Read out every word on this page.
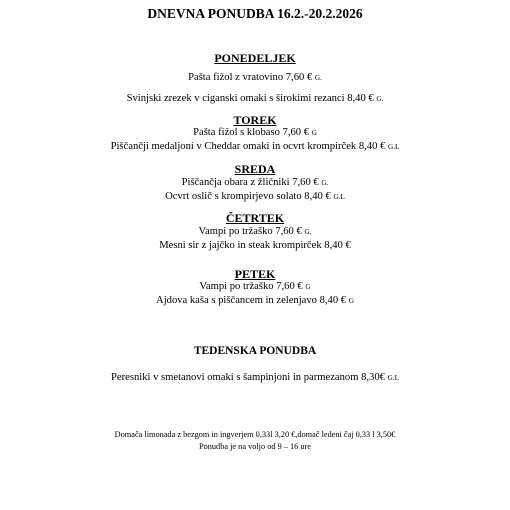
DNEVNA PONUDBA 16.2.-20.2.2026
PONEDELJEK
Pašta fižol z vratovino 7,60 € G.
Svinjski zrezek v ciganski omaki s širokimi rezanci 8,40 € G.
TOREK
Pašta fižol s klobaso 7,60 € G
Piščančji medaljoni v Cheddar omaki in ocvrt krompirček 8,40 € G.L
SREDA
Piščančja obara z žličniki 7,60 € G.
Ocvrt oslič s krompirjevo solato 8,40 € G.L
ČETRTEK
Vampi po tržaško 7,60 € G.
Mesni sir z jajčko in steak krompirček 8,40 €
PETEK
Vampi po tržaško 7,60 € G
Ajdova kaša s piščancem in zelenjavo 8,40 € G
TEDENSKA PONUDBA
Peresniki v smetanovi omaki s šampinjoni in parmezanom 8,30€ G.L
Domača limonada z bezgom in ingverjem 0,33l 3,20 €,domač ledeni čaj 0,33 l 3,50€
Ponudba je na voljo od 9 – 16 ure
